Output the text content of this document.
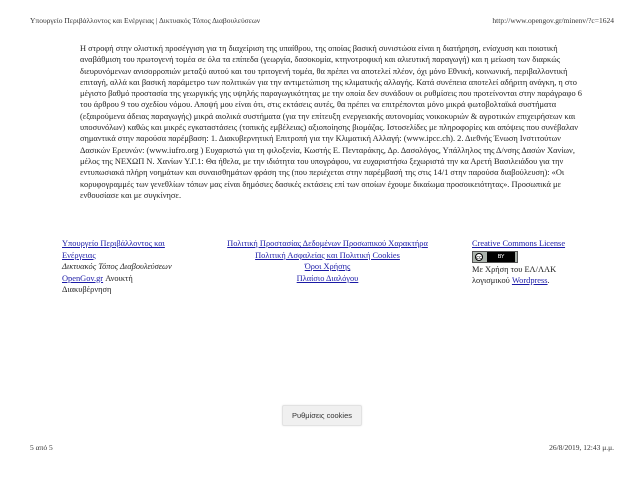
Υπουργείο Περιβάλλοντος και Ενέργειας | Δικτυακός Τόπος Διαβουλεύσεων	http://www.opengov.gr/minenv/?c=1624
Η στροφή στην ολιστική προσέγγιση για τη διαχείριση της υπαίθρου, της οποίας βασική συνιστώσα είναι η διατήρηση, ενίσχυση και ποιοτική αναβάθμιση του πρωτογενή τομέα σε όλα τα επίπεδα (γεωργία, δασοκομία, κτηνοτροφική και αλιευτική παραγωγή) και η μείωση των διαρκώς διευρυνόμενων ανισορροπιών μεταξύ αυτού και του τριτογενή τομέα, θα πρέπει να αποτελεί πλέον, όχι μόνο Εθνική, κοινωνική, περιβαλλοντική επιταγή, αλλά και βασική παράμετρο των πολιτικών για την αντιμετώπιση της κλιματικής αλλαγής. Κατά συνέπεια αποτελεί αδήριτη ανάγκη, η στο μέγιστο βαθμό προστασία της γεωργικής γης υψηλής παραγωγικότητας με την οποία δεν συνάδουν οι ρυθμίσεις που προτείνονται στην παράγραφο 6 του άρθρου 9 του σχεδίου νόμου. Αποψή μου είναι ότι, στις εκτάσεις αυτές, θα πρέπει να επιτρέπονται μόνο μικρά φωτοβολταϊκά συστήματα (εξαιρούμενα άδειας παραγωγής) μικρά αιολικά συστήματα (για την επίτευξη ενεργειακής αυτονομίας νοικοκυριών & αγροτικών επιχειρήσεων και υποσυνόλων) καθώς και μικρές εγκαταστάσεις (τοπικής εμβέλειας) αξιοποίησης βιομάζας. Ιστοσελίδες με πληροφορίες και απόψεις που συνέβαλαν σημαντικά στην παρούσα παρέμβαση: 1. Διακυβερνητική Επιτροπή για την Κλιματική Αλλαγή: (www.ipcc.ch). 2. Διεθνής Ένωση Ινστιτούτων Δασικών Ερευνών: (www.iufro.org ) Ευχαριστώ για τη φιλοξενία, Κωστής Ε. Πενταράκης, Δρ. Δασολόγος, Υπάλληλος της Δ/νσης Δασών Χανίων, μέλος της ΝΕΧΩΠ Ν. Χανίων Υ.Γ.1: Θα ήθελα, με την ιδιότητα του υπογράφου, να ευχαριστήσω ξεχωριστά την κα Αρετή Βασιλειάδου για την εντυπωσιακά πλήρη νοημάτων και συναισθημάτων φράση της (που περιέχεται στην παρέμβασή της στις 14/1 στην παρούσα διαβούλευση): «Οι κορυφογραμμές των γενεθλίων τόπων μας είναι δημόσιες δασικές εκτάσεις επί των οποίων έχουμε δικαίωμα προσοικειότητας». Προσωπικά με ενθουσίασε και με συγκίνησε.
Υπουργείο Περιβάλλοντος και Ενέργειας
Δικτυακός Τόπος Διαβουλεύσεων
OpenGov.gr Ανοικτή Διακυβέρνηση
Πολιτική Προστασίας Δεδομένων Προσωπικού Χαρακτήρα
Πολιτική Ασφαλείας και Πολιτική Cookies
Όροι Χρήσης
Πλαίσιο Διαλόγου
Creative Commons License

cc	BY

Με Χρήση του ΕΛ/ΛΑΚ λογισμικού Wordpress.
Ρυθμίσεις cookies
5 από 5	26/8/2019, 12:43 μ.μ.
